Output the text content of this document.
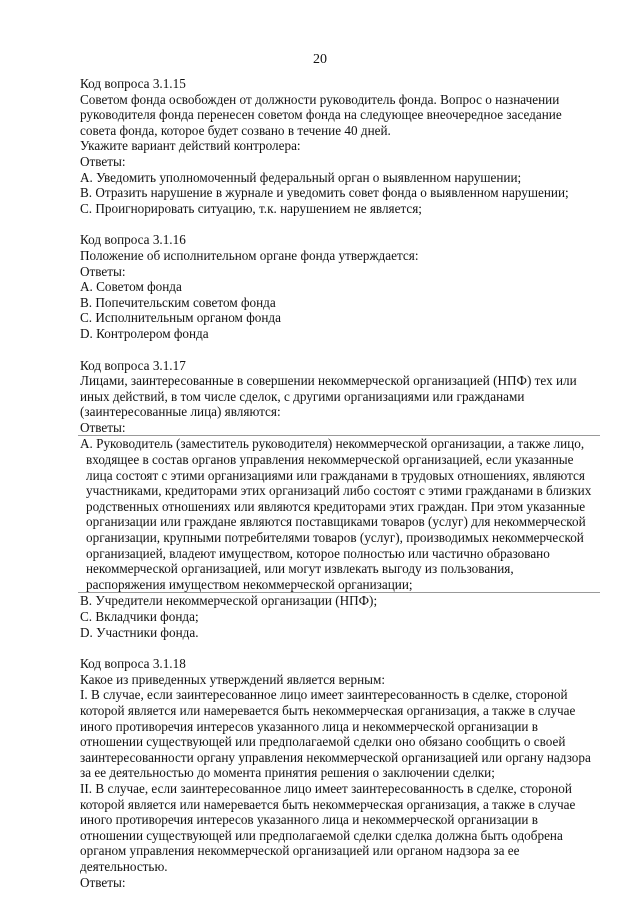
20
Код вопроса 3.1.15
Советом фонда освобожден от должности руководитель фонда. Вопрос о назначении
руководителя фонда перенесен советом фонда на следующее внеочередное заседание
совета фонда, которое будет созвано в течение 40 дней.
Укажите вариант действий контролера:
Ответы:
А. Уведомить уполномоченный федеральный орган о выявленном нарушении;
В. Отразить нарушение в журнале и уведомить совет фонда о выявленном нарушении;
С. Проигнорировать ситуацию, т.к. нарушением не является;
Код вопроса 3.1.16
Положение об исполнительном органе фонда утверждается:
Ответы:
А. Советом фонда
В. Попечительским советом фонда
С. Исполнительным органом фонда
D. Контролером фонда
Код вопроса 3.1.17
Лицами, заинтересованные в совершении некоммерческой организацией (НПФ) тех или
иных действий, в том числе сделок, с другими организациями или гражданами
(заинтересованные лица) являются:
Ответы:
А. Руководитель (заместитель руководителя) некоммерческой организации, а также лицо,
входящее в состав органов управления некоммерческой организацией, если указанные
лица состоят с этими организациями или гражданами в трудовых отношениях, являются
участниками, кредиторами этих организаций либо состоят с этими гражданами в близких
родственных отношениях или являются кредиторами этих граждан. При этом указанные
организации или граждане являются поставщиками товаров (услуг) для некоммерческой
организации, крупными потребителями товаров (услуг), производимых некоммерческой
организацией, владеют имуществом, которое полностью или частично образовано
некоммерческой организацией, или могут извлекать выгоду из пользования,
распоряжения имуществом некоммерческой организации;
В. Учредители некоммерческой организации (НПФ);
С. Вкладчики фонда;
D. Участники фонда.
Код вопроса 3.1.18
Какое из приведенных утверждений является верным:
I. В случае, если заинтересованное лицо имеет заинтересованность в сделке, стороной
которой является или намеревается быть некоммерческая организация, а также в случае
иного противоречия интересов указанного лица и некоммерческой организации в
отношении существующей или предполагаемой сделки оно обязано сообщить о своей
заинтересованности органу управления некоммерческой организацией или органу надзора
за ее деятельностью до момента принятия решения о заключении сделки;
II. В случае, если заинтересованное лицо имеет заинтересованность в сделке, стороной
которой является или намеревается быть некоммерческая организация, а также в случае
иного противоречия интересов указанного лица и некоммерческой организации в
отношении существующей или предполагаемой сделки сделка должна быть одобрена
органом управления некоммерческой организацией или органом надзора за ее
деятельностью.
Ответы:
